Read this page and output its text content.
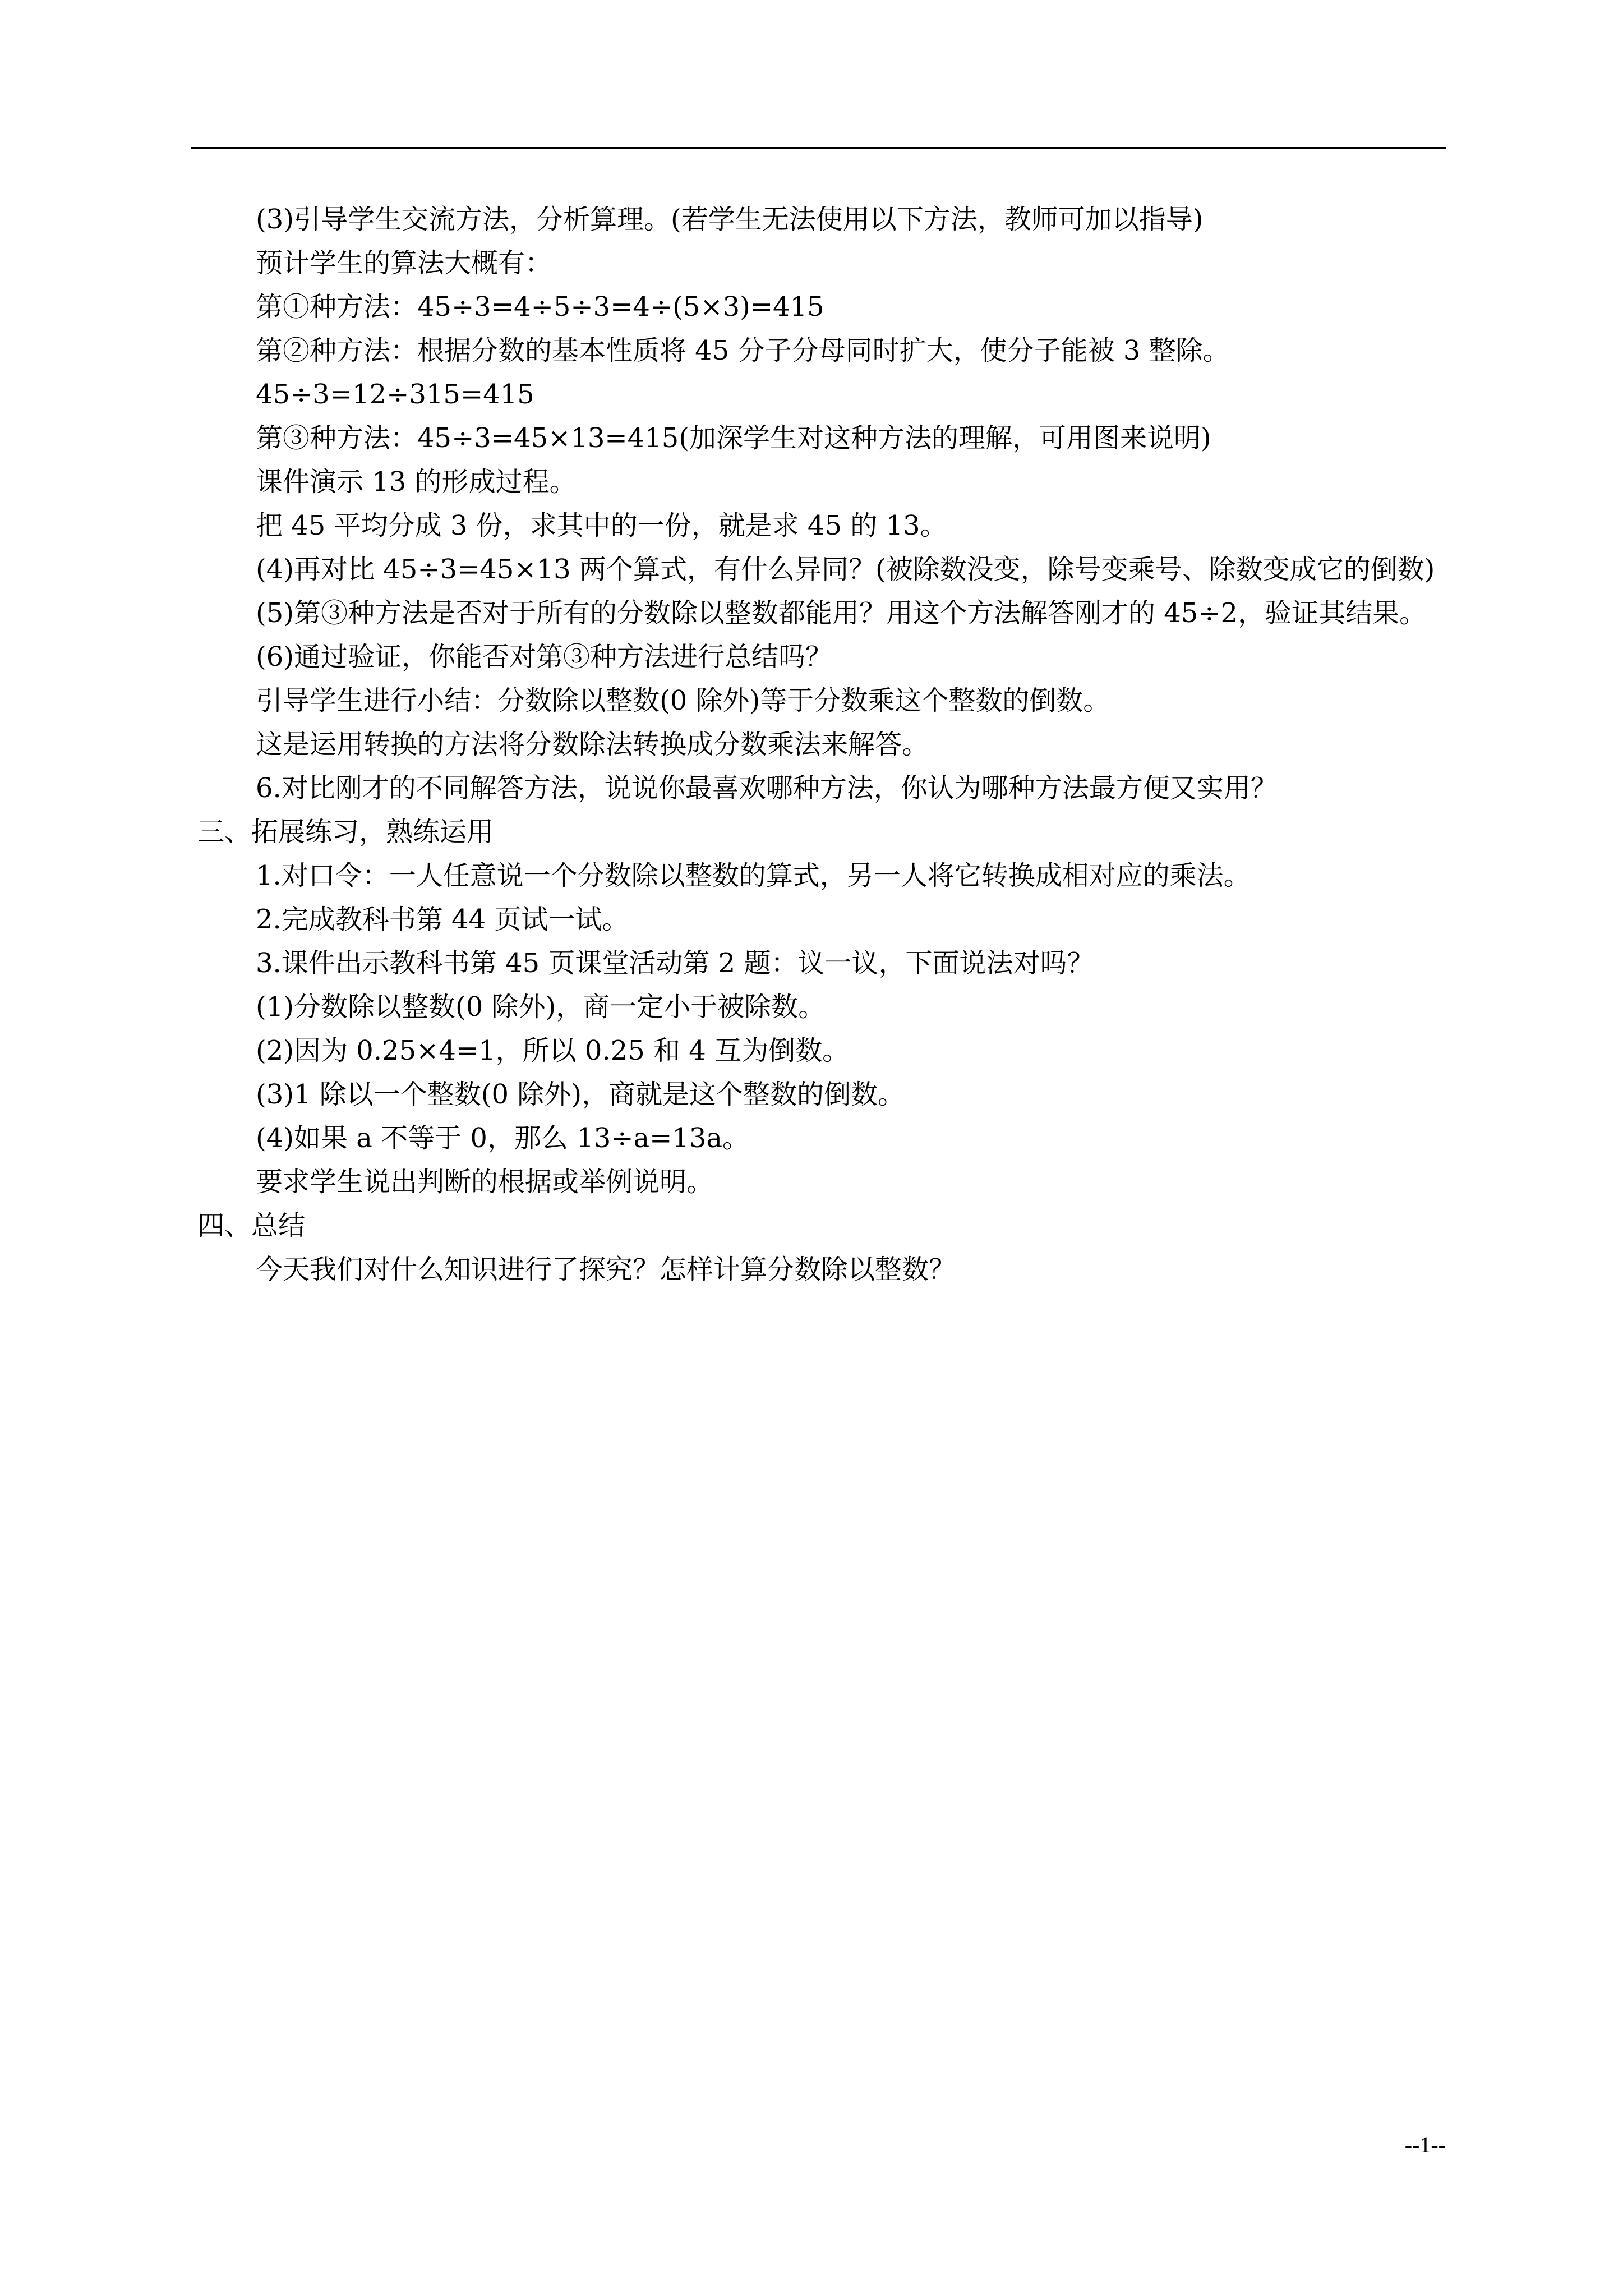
(3)引导学生交流方法，分析算理。(若学生无法使用以下方法，教师可加以指导)

预计学生的算法大概有：

第①种方法：45÷3=4÷5÷3=4÷(5×3)=415

第②种方法：根据分数的基本性质将 45 分子分母同时扩大，使分子能被 3 整除。

45÷3=12÷315=415

第③种方法：45÷3=45×13=415(加深学生对这种方法的理解，可用图来说明)

课件演示 13 的形成过程。

把 45 平均分成 3 份，求其中的一份，就是求 45 的 13。

(4)再对比 45÷3=45×13 两个算式，有什么异同？(被除数没变，除号变乘号、除数变成它的倒数)

(5)第③种方法是否对于所有的分数除以整数都能用？用这个方法解答刚才的 45÷2，验证其结果。

(6)通过验证，你能否对第③种方法进行总结吗？

引导学生进行小结：分数除以整数(0 除外)等于分数乘这个整数的倒数。

这是运用转换的方法将分数除法转换成分数乘法来解答。

6.对比刚才的不同解答方法，说说你最喜欢哪种方法，你认为哪种方法最方便又实用？

三、拓展练习，熟练运用

1.对口令：一人任意说一个分数除以整数的算式，另一人将它转换成相对应的乘法。

2.完成教科书第 44 页试一试。

3.课件出示教科书第 45 页课堂活动第 2 题：议一议，下面说法对吗？

(1)分数除以整数(0 除外)，商一定小于被除数。

(2)因为 0.25×4=1，所以 0.25 和 4 互为倒数。

(3)1 除以一个整数(0 除外)，商就是这个整数的倒数。

(4)如果 a 不等于 0，那么 13÷a=13a。

要求学生说出判断的根据或举例说明。

四、总结

今天我们对什么知识进行了探究？怎样计算分数除以整数？

--1--
